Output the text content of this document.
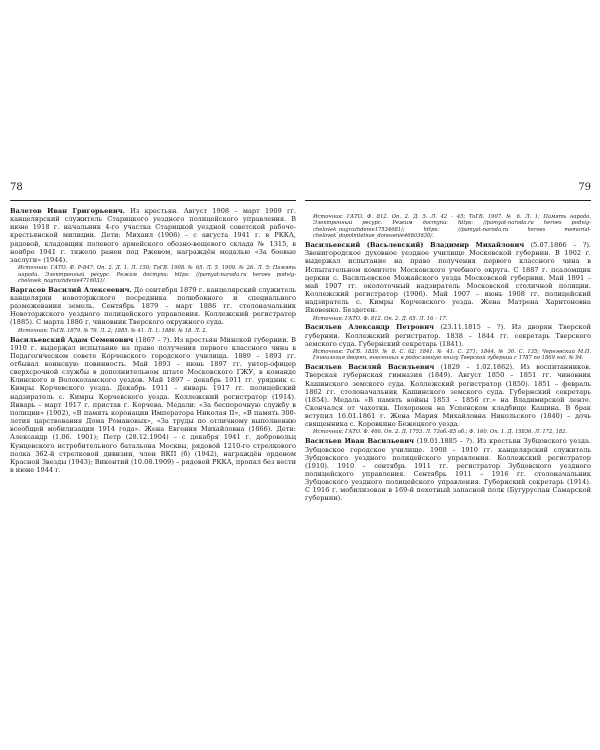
78

Валетов Иван Григорьевич. Из крестьян. Август 1908 – март 1909 гг. канцелярский служитель Старицкого уездного полицейского управления. В июне 1918 г. начальник 4-го участка Старицкой уездной советской рабоче-крестьянской милиции. Дети: Михаил (1906) – с августа 1941 г. в РККА, рядовой, кладовщик полевого армейского обозно-вещевого склада № 1315, в ноябре 1941 г. тяжело ранен под Ржевом, награждён медалью «За боевые заслуги» (1944).

Источник: ГАТО. Ф. Р-847. Оп. 2. Д. 1. Л. 150; ТоГВ. 1908. № 65. Л. 5. 1909. № 26. Л. 5; Память народа. Электронный ресурс. Режим доступа: https: //pamyat-naroda.ru heroes podvig-chelovek_nagrazhdenie4716031/.

Варгасов Василий Алексеевич. До сентября 1879 г. канцелярский служитель канцелярии новоторжского посредника полюбовного и специального размежевания земель. Сентябрь 1879 – март 1886 гг. столоначальник Новоторжского уездного полицейского управления. Коллежский регистратор (1885). С марта 1886 г. чиновник Тверского окружного суда.

Источник: ТоГВ. 1879. № 76. Л. 2; 1885. № 41. Л. 1; 1886. № 18. Л. 2.

Васильевский Адам Семенович (1867 – ?). Из крестьян Минской губернии. В 1910 г. выдержал испытание на право получения первого классного чина в Педагогическом совете Корчевского городского училища. 1889 – 1893 гг. отбывал воинскую повинность. Май 1893 – июнь 1897 гг. унтер-офицер сверхсрочной службы в дополнительном штате Московского ГЖУ, в команде Клинского и Волоколамского уездов. Май 1897 – декабрь 1911 гг. урядник с. Кимры Корчевского уезда. Декабрь 1911 – январь 1917 гг. полицейский надзиратель с. Кимры Корчевского уезда. Коллежский регистратор (1914). Январь – март 1917 г. пристав г. Корчева. Медали: «За беспорочную службу в полиции» (1902), «В память коронации Императора Николая II», «В память 300-летия царствования Дома Романовых», «За труды по отличному выполнению всеобщей мобилизации 1914 года». Жена Евгения Михайловна (1866). Дети: Александр (1.06. 1901); Петр (28.12.1904) – с декабря 1941 г. добровольц Кунцевского истребительного батальона Москвы, рядовой 1210-го стрелкового полка 362-й стрелковой дивизии, член ВКП (б) (1942), награждён орденом Красной Звезды (1943); Викентий (10.08.1909) – рядовой РККА, пропал без вести в июне 1944 г.

79

Источник: ГАТО. Ф. 812. Оп. 2. Д. 5. Л. 42 – 45; ТоГВ. 1907. № 6. Л. 1; Память народа. Электронный ресурс. Режим доступа: https: //pamyat-naroda.ru heroes podvig-chelovek_nagrazhdenie17534681/; https: //pamyat-naroda.ru heroes memorial-chelovek_dopolnitelnoe_donesenie46603630/.

Васильевский (Васьлевский) Владимир Михайлович (5.07.1866 – ?). Звенигородское духовное уездное училище Московской губернии. В 1902 г. выдержал испытание на право получения первого классного чина в Испытательном комитете Московского учебного округа. С 1887 г. псаломщик церкви с. Васильевское Можайского уезда Московской губернии. Май 1891 – май 1907 гг. околоточный надзиратель Московской столичной полиции. Коллежский регистратор (1906). Май 1907 – июнь 1908 гг. полицейский надзиратель с. Кимры Корчевского уезда. Жена Матрена Харитоновна Яковенко. Бездетен.

Источник: ГАТО. Ф. 812. Оп. 2. Д. 65. Л. 16 – 17.

Васильев Александр Петрович (23.11.1815 – ?). Из дворян Тверской губернии. Коллежский регистратор. 1838 – 1844 гг. секретарь Тверского земского суда. Губернский секретарь (1841).

Источник: ТоГВ. 1839. № 8. С. 62; 1841. № 41. С. 271; 1844. № 30. С. 135; Чернявский М.П. Генеалогия дворян, внесенных в родословную книгу Тверской губернии с 1787 по 1869 год. № 94.

Васильев Василий Васильевич (1829 – 1.02.1862). Из воспитанников. Тверская губернская гимназия (1849). Август 1850 – 1851 гг. чиновник Кашинского земского суда. Коллежский регистратор (1850). 1851 – февраль 1862 гг. столоначальник Кашинского земского суда. Губернский секретарь (1854). Медаль «В память войны 1853 – 1856 гг.» на Владимирской ленте. Скончался от чахотки. Похоронен на Успенском кладбище Кашина. В брак вступил 16.01.1861 г. Жена Мария Михайловна Никольского (1840) – дочь священника с. Коровкино Бежецкого уезда.

Источник: ГАТО. Ф. 466. Оп. 2. Д. 1753. Л. 73об.-85 об.; Ф. 160. Оп. 1. Д. 15836. Л. 172, 182.

Васильев Иван Васильевич (19.01.1885 – ?). Из крестьян Зубцовского уезда. Зубцовское городское училище. 1908 – 1910 гг. канцелярский служитель Зубцовского уездного полицейского управления. Коллежский регистратор (1910). 1910 – сентябрь 1911 гг. регистратор Зубцовского уездного полицейского управления. Сентябрь 1911 – 1916 гг. столоначальник Зубцовского уездного полицейского управления. Губернский секретарь (1914). С 1916 г. мобилизован в 169-й пехотный запасной полк (Бугуруслан Самарской губернии).
